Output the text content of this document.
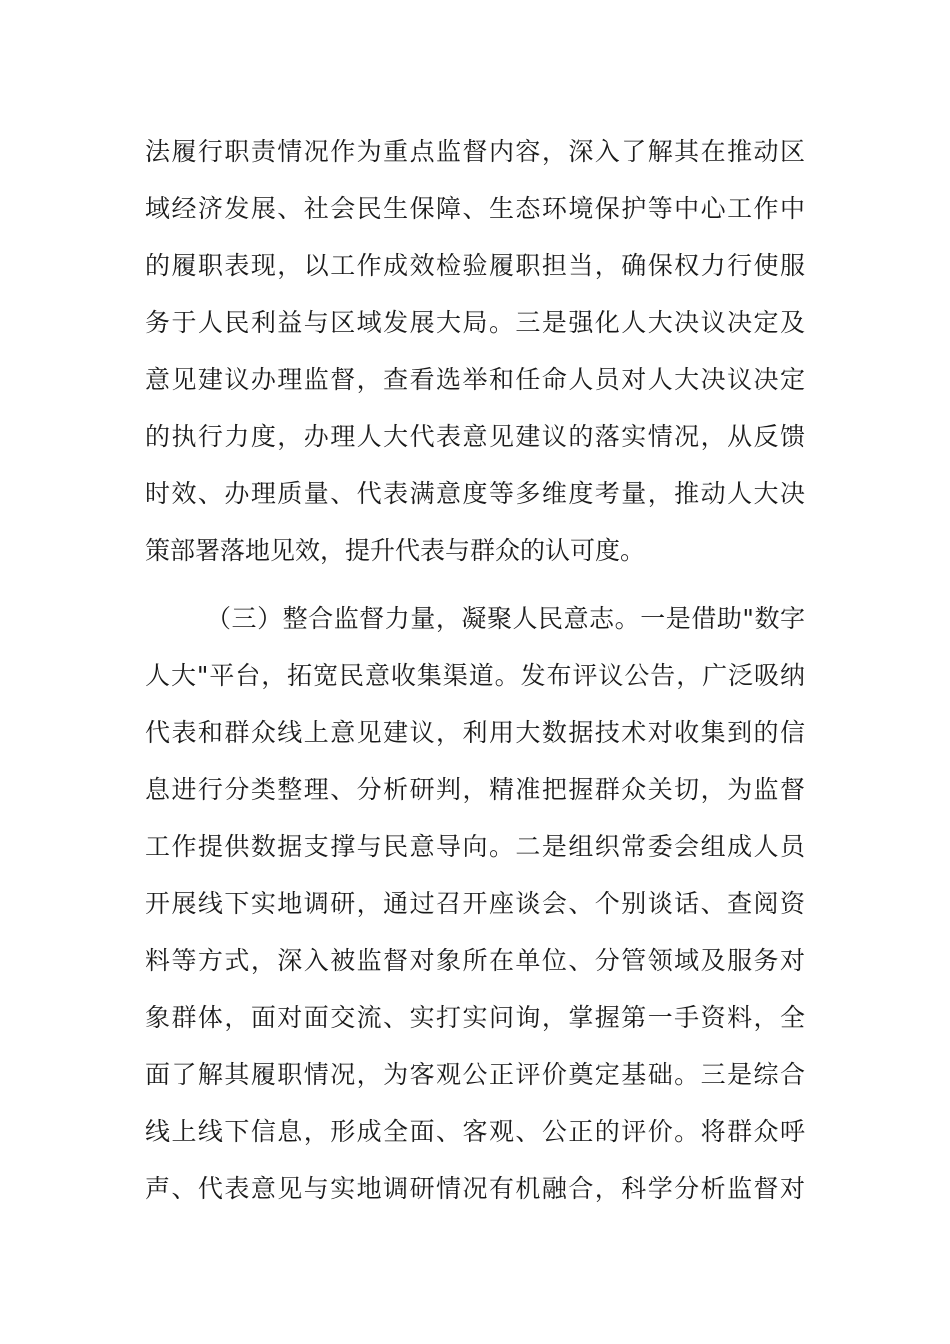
法履行职责情况作为重点监督内容，深入了解其在推动区
域经济发展、社会民生保障、生态环境保护等中心工作中
的履职表现，以工作成效检验履职担当，确保权力行使服
务于人民利益与区域发展大局。三是强化人大决议决定及
意见建议办理监督，查看选举和任命人员对人大决议决定
的执行力度，办理人大代表意见建议的落实情况，从反馈
时效、办理质量、代表满意度等多维度考量，推动人大决
策部署落地见效，提升代表与群众的认可度。
（三）整合监督力量，凝聚人民意志。一是借助"数字
人大"平台，拓宽民意收集渠道。发布评议公告，广泛吸纳
代表和群众线上意见建议，利用大数据技术对收集到的信
息进行分类整理、分析研判，精准把握群众关切，为监督
工作提供数据支撑与民意导向。二是组织常委会组成人员
开展线下实地调研，通过召开座谈会、个别谈话、查阅资
料等方式，深入被监督对象所在单位、分管领域及服务对
象群体，面对面交流、实打实问询，掌握第一手资料，全
面了解其履职情况，为客观公正评价奠定基础。三是综合
线上线下信息，形成全面、客观、公正的评价。将群众呼
声、代表意见与实地调研情况有机融合，科学分析监督对
